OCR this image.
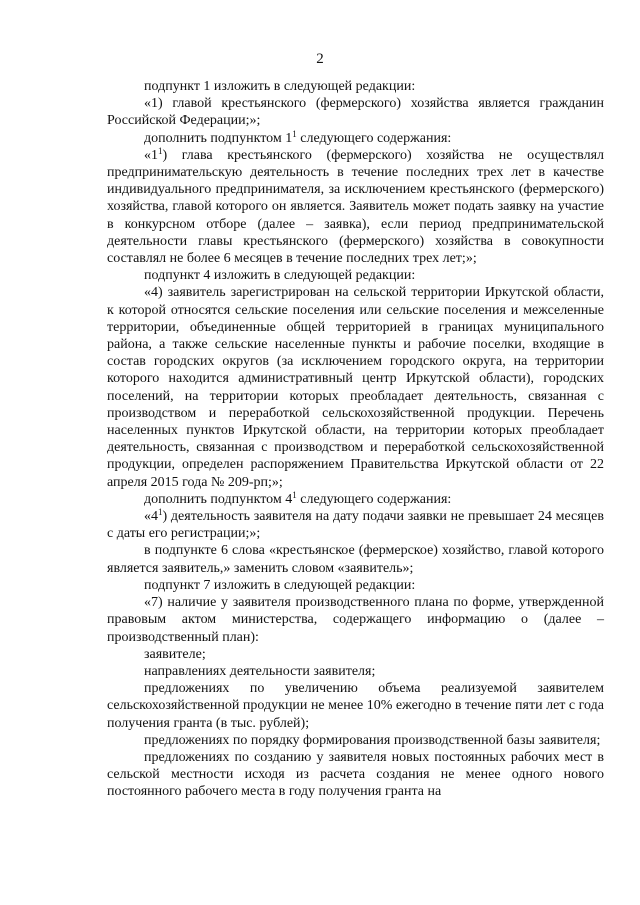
2

подпункт 1 изложить в следующей редакции:

«1) главой крестьянского (фермерского) хозяйства является гражданин Российской Федерации;»;

дополнить подпунктом $1^1$ следующего содержания:

«$1^1$) глава крестьянского (фермерского) хозяйства не осуществлял предпринимательскую деятельность в течение последних трех лет в качестве индивидуального предпринимателя, за исключением крестьянского (фермерского) хозяйства, главой которого он является. Заявитель может подать заявку на участие в конкурсном отборе (далее – заявка), если период предпринимательской деятельности главы крестьянского (фермерского) хозяйства в совокупности составлял не более 6 месяцев в течение последних трех лет;»;

подпункт 4 изложить в следующей редакции:

«4) заявитель зарегистрирован на сельской территории Иркутской области, к которой относятся сельские поселения или сельские поселения и межселенные территории, объединенные общей территорией в границах муниципального района, а также сельские населенные пункты и рабочие поселки, входящие в состав городских округов (за исключением городского округа, на территории которого находится административный центр Иркутской области), городских поселений, на территории которых преобладает деятельность, связанная с производством и переработкой сельскохозяйственной продукции. Перечень населенных пунктов Иркутской области, на территории которых преобладает деятельность, связанная с производством и переработкой сельскохозяйственной продукции, определен распоряжением Правительства Иркутской области от 22 апреля 2015 года № 209-рп;»;

дополнить подпунктом $4^1$ следующего содержания:

«$4^1$) деятельность заявителя на дату подачи заявки не превышает 24 месяцев с даты его регистрации;»;

в подпункте 6 слова «крестьянское (фермерское) хозяйство, главой которого является заявитель,» заменить словом «заявитель»;

подпункт 7 изложить в следующей редакции:

«7) наличие у заявителя производственного плана по форме, утвержденной правовым актом министерства, содержащего информацию о (далее – производственный план):

заявителе;

направлениях деятельности заявителя;

предложениях по увеличению объема реализуемой заявителем сельскохозяйственной продукции не менее 10% ежегодно в течение пяти лет с года получения гранта (в тыс. рублей);

предложениях по порядку формирования производственной базы заявителя;

предложениях по созданию у заявителя новых постоянных рабочих мест в сельской местности исходя из расчета создания не менее одного нового постоянного рабочего места в году получения гранта на
